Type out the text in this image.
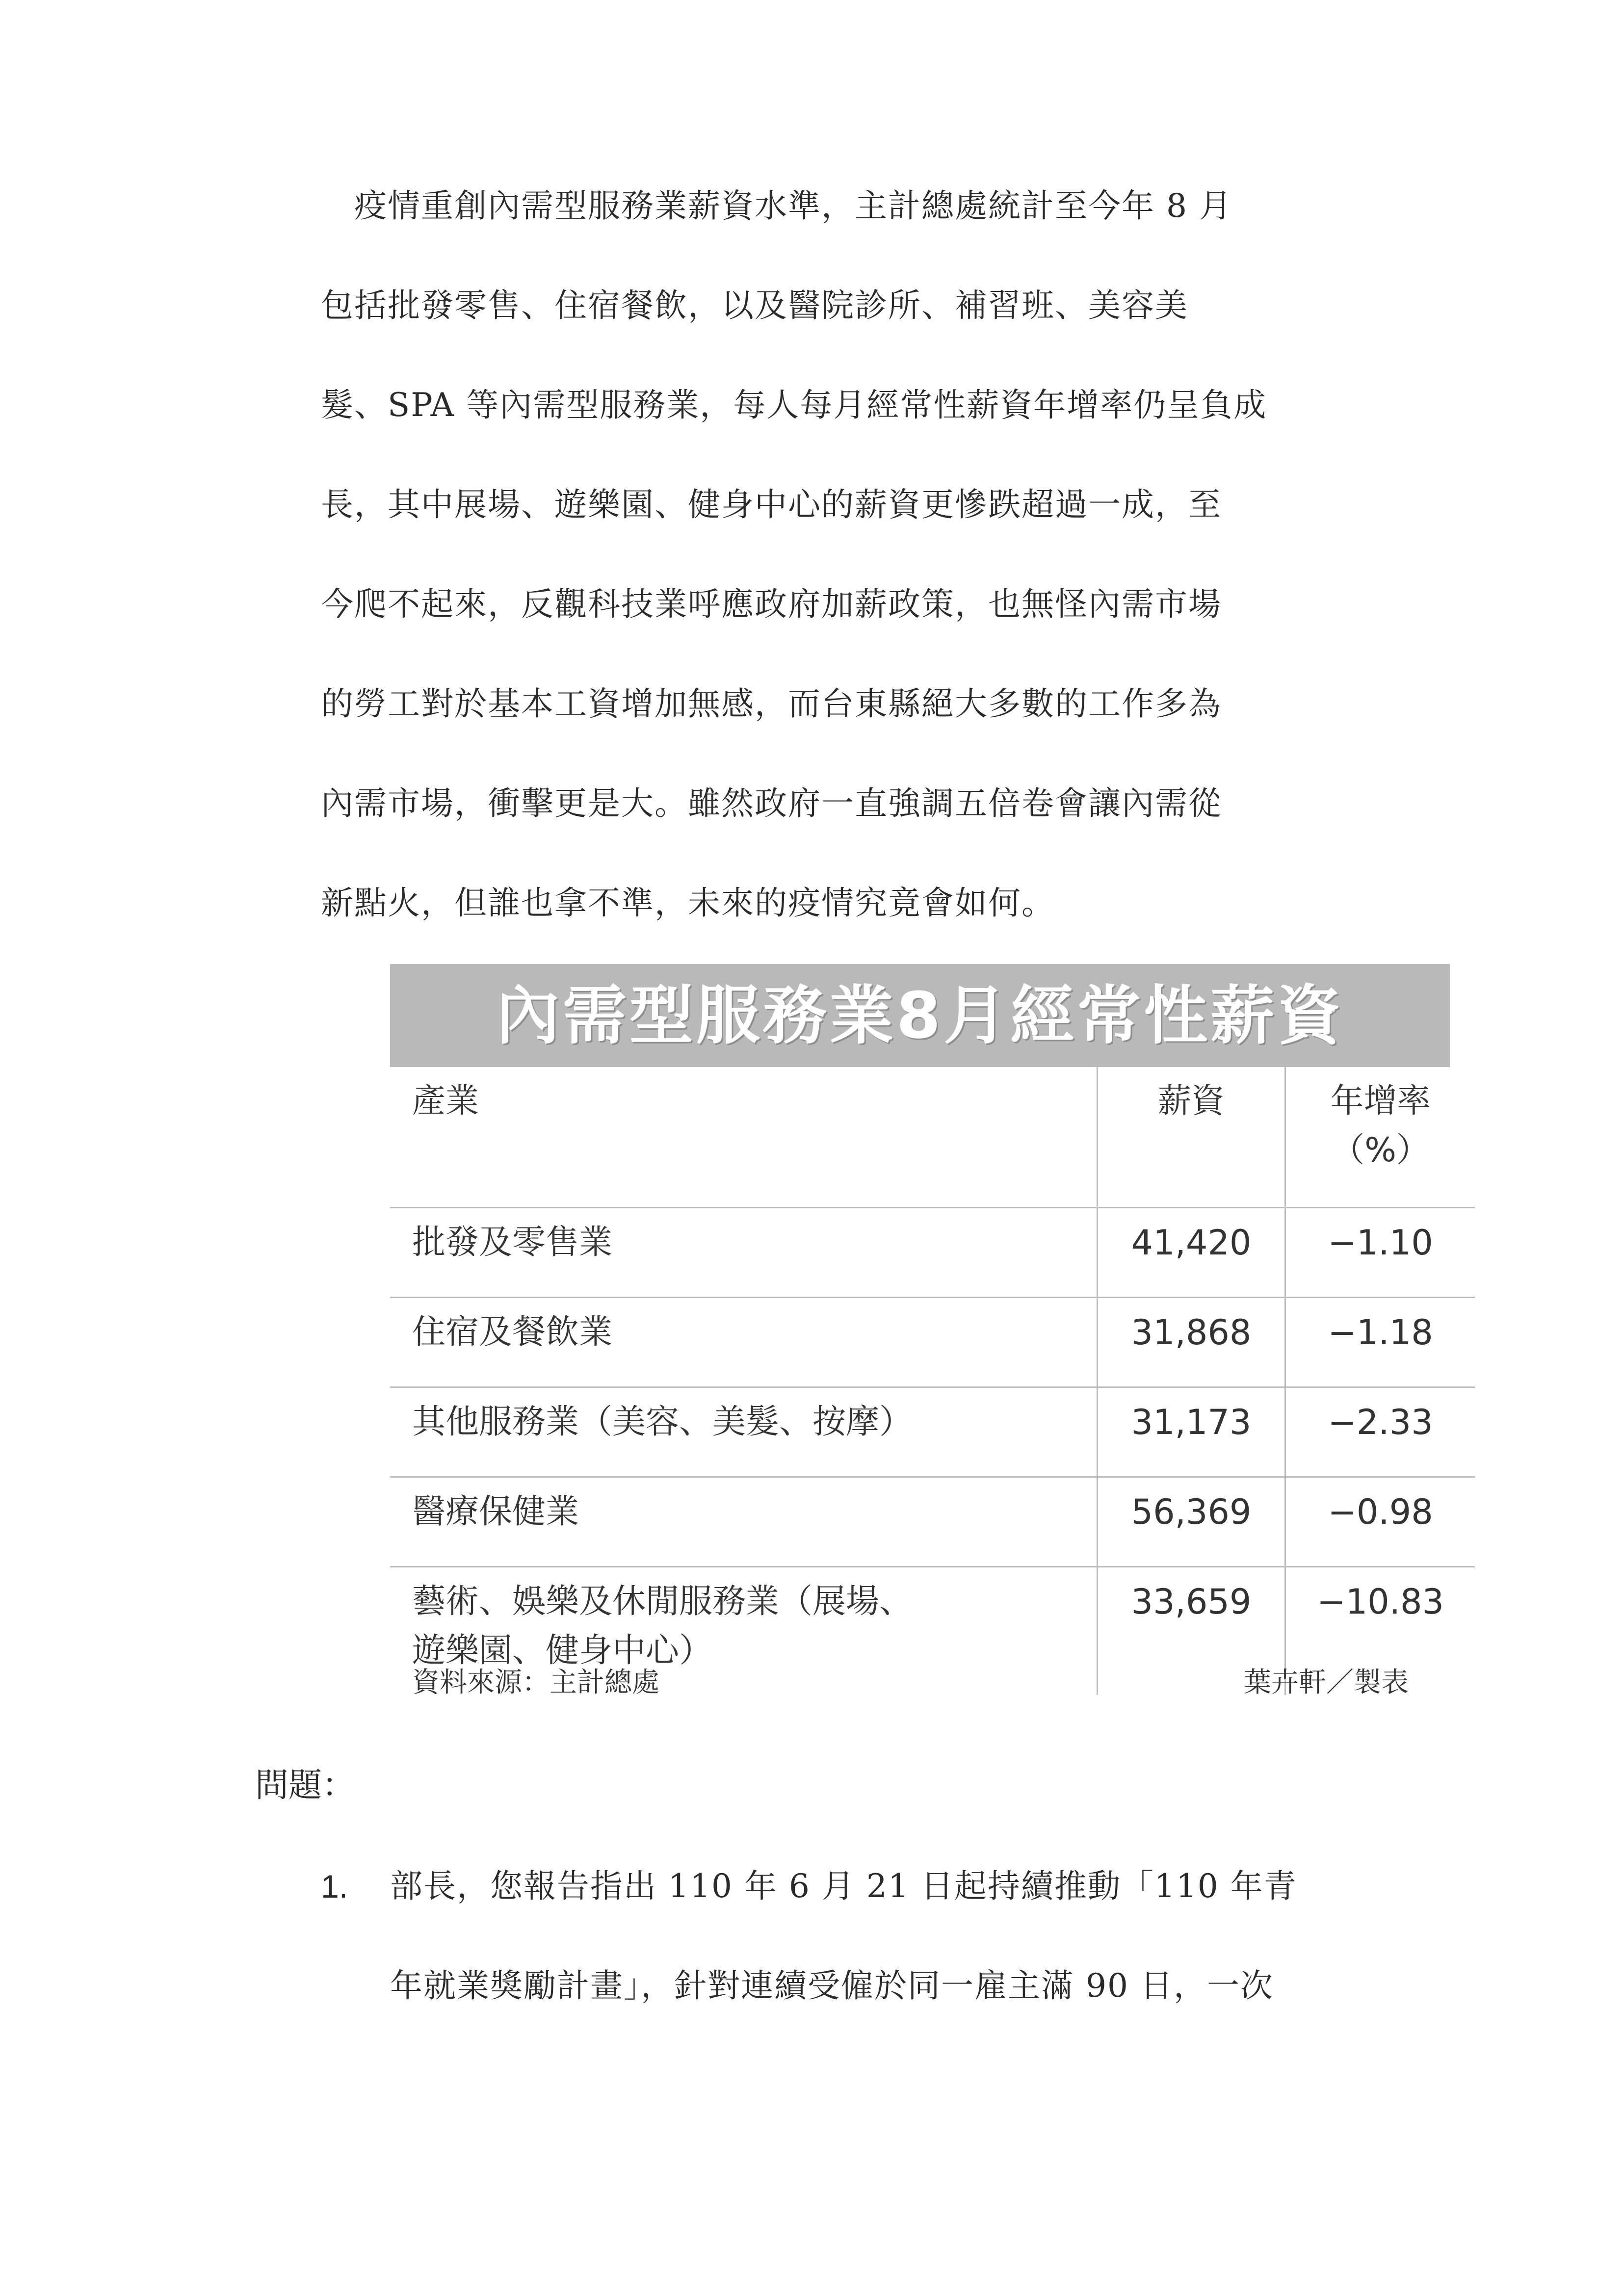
　疫情重創內需型服務業薪資水準，主計總處統計至今年 8 月
包括批發零售、住宿餐飲，以及醫院診所、補習班、美容美
髮、SPA 等內需型服務業，每人每月經常性薪資年增率仍呈負成
長，其中展場、遊樂園、健身中心的薪資更慘跌超過一成，至
今爬不起來，反觀科技業呼應政府加薪政策，也無怪內需市場
的勞工對於基本工資增加無感，而台東縣絕大多數的工作多為
內需市場，衝擊更是大。雖然政府一直強調五倍卷會讓內需從
新點火，但誰也拿不準，未來的疫情究竟會如何。
內需型服務業8月經常性薪資
產業	薪資	年增率
（%）

批發及零售業	41,420	−1.10

住宿及餐飲業	31,868	−1.18

其他服務業（美容、美髮、按摩）	31,173	−2.33

醫療保健業	56,369	−0.98

藝術、娛樂及休閒服務業（展場、
遊樂園、健身中心）	33,659	−10.83
資料來源：主計總處	葉卉軒／製表
問題：
1. 部長，您報告指出 110 年 6 月 21 日起持續推動「110 年青
年就業獎勵計畫」，針對連續受僱於同一雇主滿 90 日，一次
